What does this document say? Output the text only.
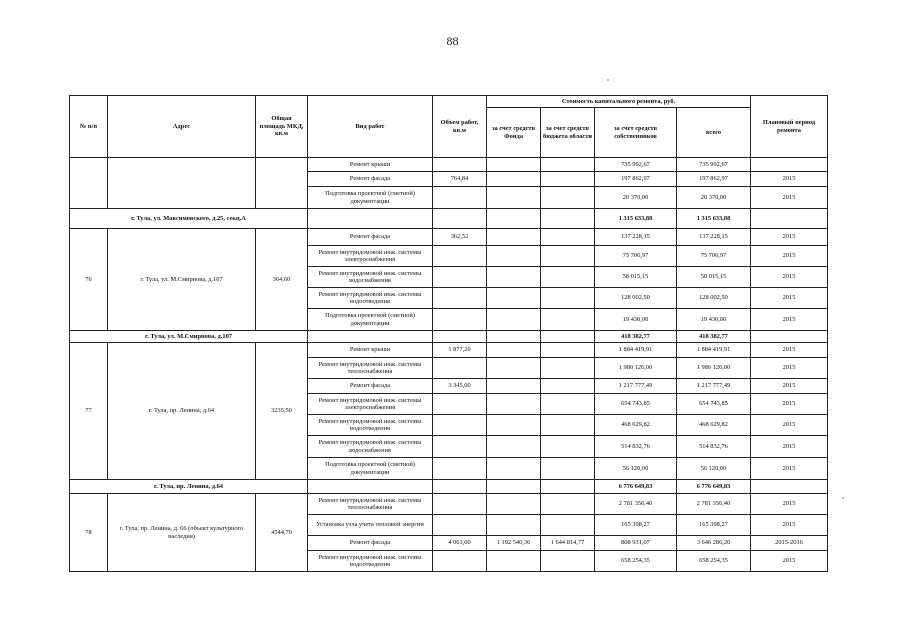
88
№ п/п	Адрес	Общая площадь МКД, кв.м	Вид работ	Объем работ, кв.м	Стоимость капитального ремонта, руб.				Плановый период ремонта
					за счет средств Фонда	за счет средств бюджета области	за счет средств собственников	всего	
			Ремонт крыши				735 992,67	735 992,67	
			Ремонт фасада	764,84			197 862,97	197 862,97	2015
			Подготовка проектной (сметной) документации				20 370,00	20 370,00	2015
г. Тула, ул. Максимовского, д.25, секц.А							1 315 633,88	1 315 633,88	
76	г. Тула, ул. М.Смирнова, д.107	364,60	Ремонт фасада	362,52			137 228,15	137 228,15	2015
			Ремонт внутридомовой инж. системы электроснабжения				75 706,97	75 706,97	2015
			Ремонт внутридомовой инж. системы водоснабжения				58 015,15	58 015,15	2015
			Ремонт внутридомовой инж. системы водоотведения				128 002,50	128 002,50	2015
			Подготовка проектной (сметной) документации				19 430,00	19 430,00	2015
г. Тула, ул. М.Смирнова, д.107							418 382,77	418 382,77	
77	г. Тула, пр. Ленина, д.64	3235,50	Ремонт крыши	1 877,20			1 884 419,91	1 884 419,91	2015
			Ремонт внутридомовой инж. системы теплоснабжения				1 980 126,00	1 980 126,00	2015
			Ремонт фасада	3 345,00			1 217 777,49	1 217 777,49	2015
			Ремонт внутридомовой инж. системы электроснабжения				654 743,85	654 743,85	2015
			Ремонт внутридомовой инж. системы водоотведения				468 629,82	468 629,82	2015
			Ремонт внутридомовой инж. системы водоснабжения				514 832,76	514 832,76	2015
			Подготовка проектной (сметной) документации				56 120,00	56 120,00	2015
г. Тула, пр. Ленина, д.64							6 776 649,83	6 776 649,83	
78	г. Тула, пр. Ленина, д. 66 (объект культурного наследия)	4544,70	Ремонт внутридомовой инж. системы теплоснабжения				2 781 356,40	2 781 356,40	2015
			Установка узла учета тепловой энергии				165 398,27	165 398,27	2015
			Ремонт фасада	4 061,00	1 192 540,36	1 644 814,77	808 931,07	3 646 286,20	2015-2016
			Ремонт внутридомовой инж. системы водоотведения				658 254,35	658 254,35	2015
